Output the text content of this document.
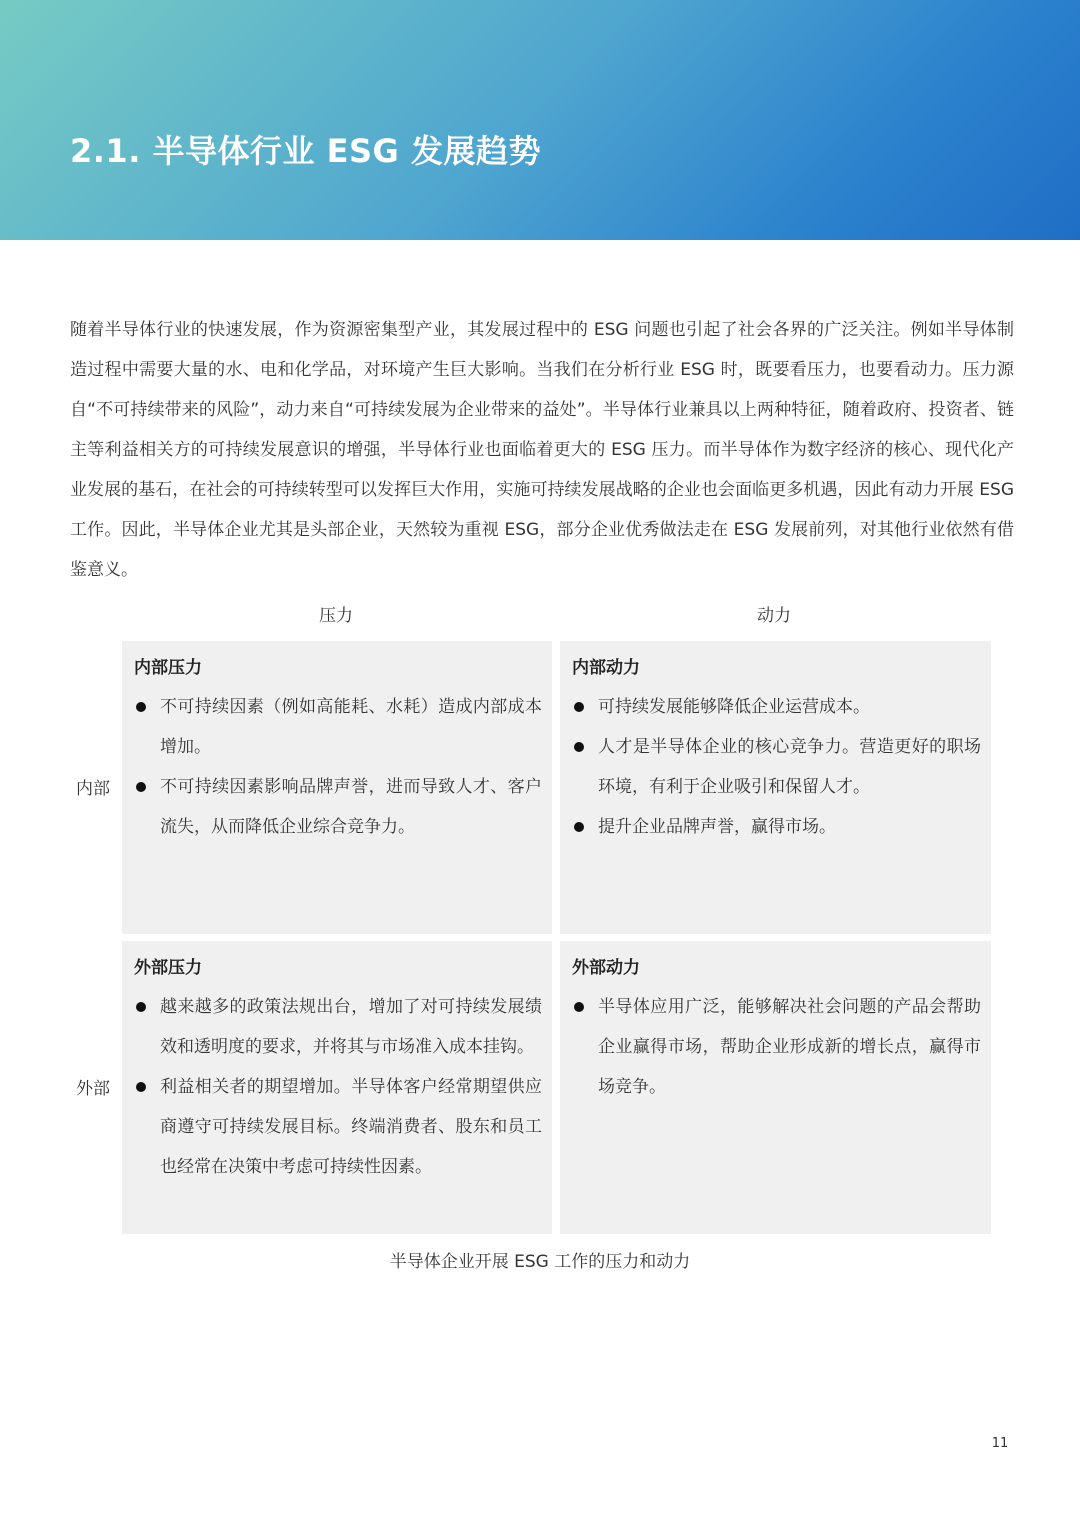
2.1. 半导体行业 ESG 发展趋势

随着半导体行业的快速发展，作为资源密集型产业，其发展过程中的 ESG 问题也引起了社会各界的广泛关注。例如半导体制造过程中需要大量的水、电和化学品，对环境产生巨大影响。当我们在分析行业 ESG 时，既要看压力，也要看动力。压力源自“不可持续带来的风险”，动力来自“可持续发展为企业带来的益处”。半导体行业兼具以上两种特征，随着政府、投资者、链主等利益相关方的可持续发展意识的增强，半导体行业也面临着更大的 ESG 压力。而半导体作为数字经济的核心、现代化产业发展的基石，在社会的可持续转型可以发挥巨大作用，实施可持续发展战略的企业也会面临更多机遇，因此有动力开展 ESG 工作。因此，半导体企业尤其是头部企业，天然较为重视 ESG，部分企业优秀做法走在 ESG 发展前列，对其他行业依然有借鉴意义。

压力	动力
内部
外部
内部压力
不可持续因素（例如高能耗、水耗）造成内部成本增加。
不可持续因素影响品牌声誉，进而导致人才、客户流失，从而降低企业综合竞争力。
内部动力
可持续发展能够降低企业运营成本。
人才是半导体企业的核心竞争力。营造更好的职场环境，有利于企业吸引和保留人才。
提升企业品牌声誉，赢得市场。
外部压力
越来越多的政策法规出台，增加了对可持续发展绩效和透明度的要求，并将其与市场准入成本挂钩。
利益相关者的期望增加。半导体客户经常期望供应商遵守可持续发展目标。终端消费者、股东和员工也经常在决策中考虑可持续性因素。
外部动力
半导体应用广泛，能够解决社会问题的产品会帮助企业赢得市场，帮助企业形成新的增长点，赢得市场竞争。
半导体企业开展 ESG 工作的压力和动力
11
